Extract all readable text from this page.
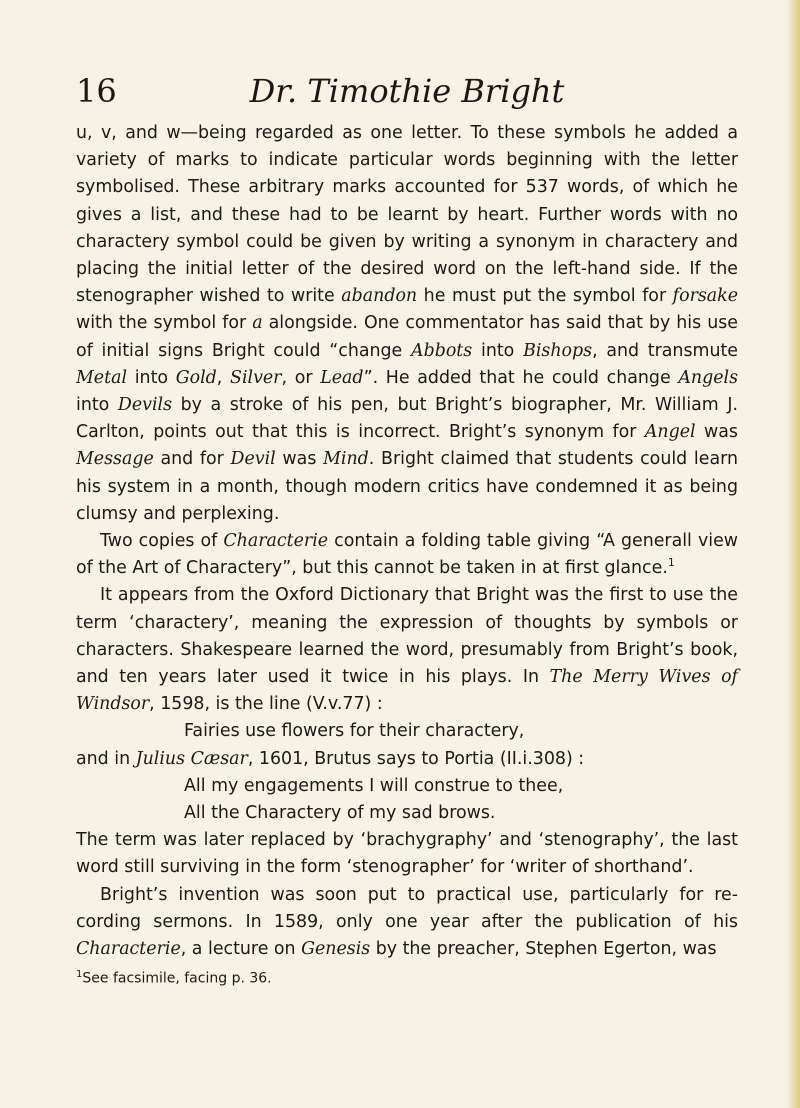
16	Dr. Timothie Bright

u, v, and w—being regarded as one letter. To these symbols he added a variety of marks to indicate particular words beginning with the letter symbolised. These arbitrary marks accounted for 537 words, of which he gives a list, and these had to be learnt by heart. Further words with no charactery symbol could be given by writing a synonym in charactery and placing the initial letter of the desired word on the left-hand side. If the stenographer wished to write abandon he must put the symbol for forsake with the symbol for a alongside. One commentator has said that by his use of initial signs Bright could “change Abbots into Bishops, and transmute Metal into Gold, Silver, or Lead”. He added that he could change Angels into Devils by a stroke of his pen, but Bright’s biographer, Mr. William J. Carlton, points out that this is incorrect. Bright’s synonym for Angel was Message and for Devil was Mind. Bright claimed that students could learn his system in a month, though modern critics have condemned it as being clumsy and perplexing.

Two copies of Characterie contain a folding table giving “A generall view of the Art of Charactery”, but this cannot be taken in at first glance.$^1$

It appears from the Oxford Dictionary that Bright was the first to use the term ‘charactery’, meaning the expression of thoughts by symbols or characters. Shakespeare learned the word, presumably from Bright’s book, and ten years later used it twice in his plays. In The Merry Wives of Windsor, 1598, is the line (V.v.77) :

Fairies use flowers for their charactery,

and in Julius Cæsar, 1601, Brutus says to Portia (II.i.308) :

All my engagements I will construe to thee,

All the Charactery of my sad brows.

The term was later replaced by ‘brachygraphy’ and ‘stenography’, the last word still surviving in the form ‘stenographer’ for ‘writer of shorthand’.

Bright’s invention was soon put to practical use, particularly for re-cording sermons. In 1589, only one year after the publication of his Characterie, a lecture on Genesis by the preacher, Stephen Egerton, was

$^1$See facsimile, facing p. 36.
